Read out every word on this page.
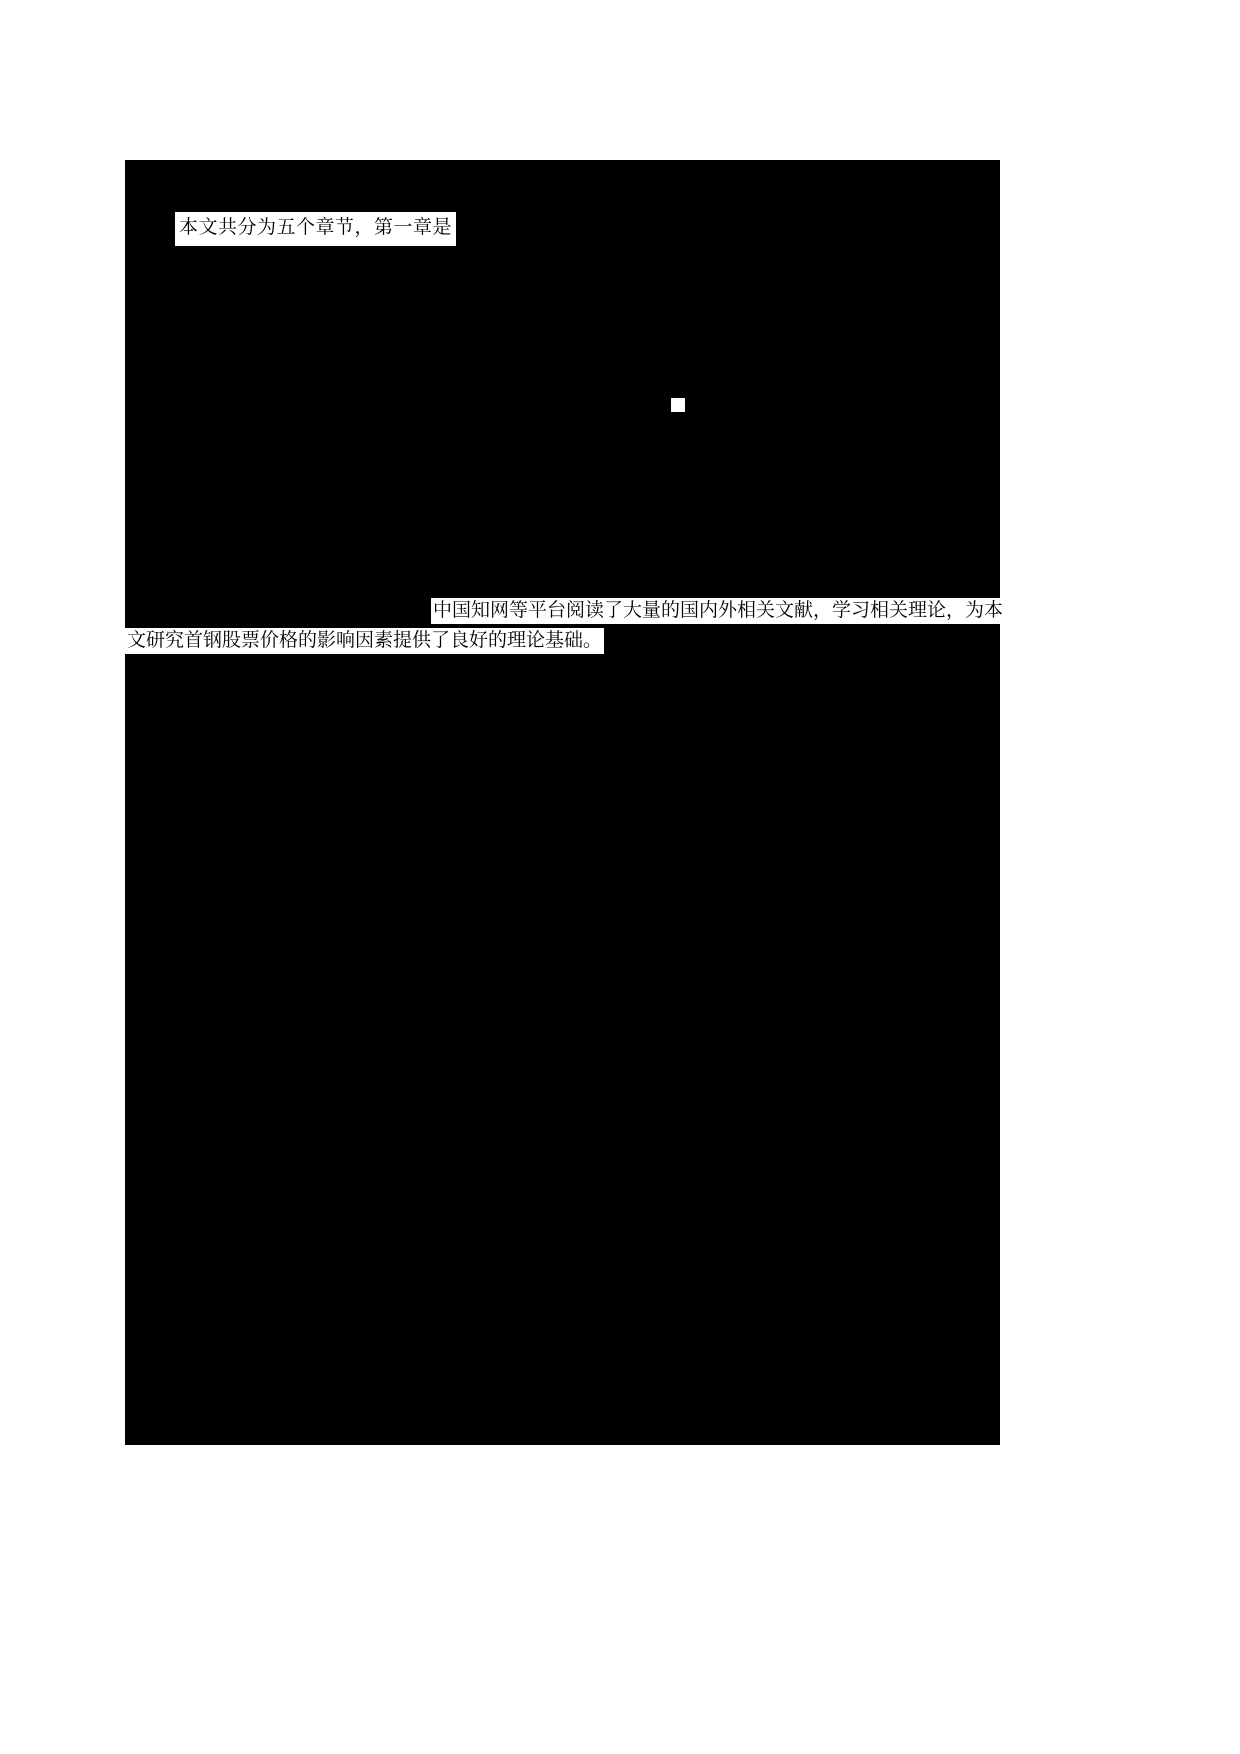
本文共分为五个章节，第一章是
中国知网等平台阅读了大量的国内外相关文献，学习相关理论，为本
文研究首钢股票价格的影响因素提供了良好的理论基础。
